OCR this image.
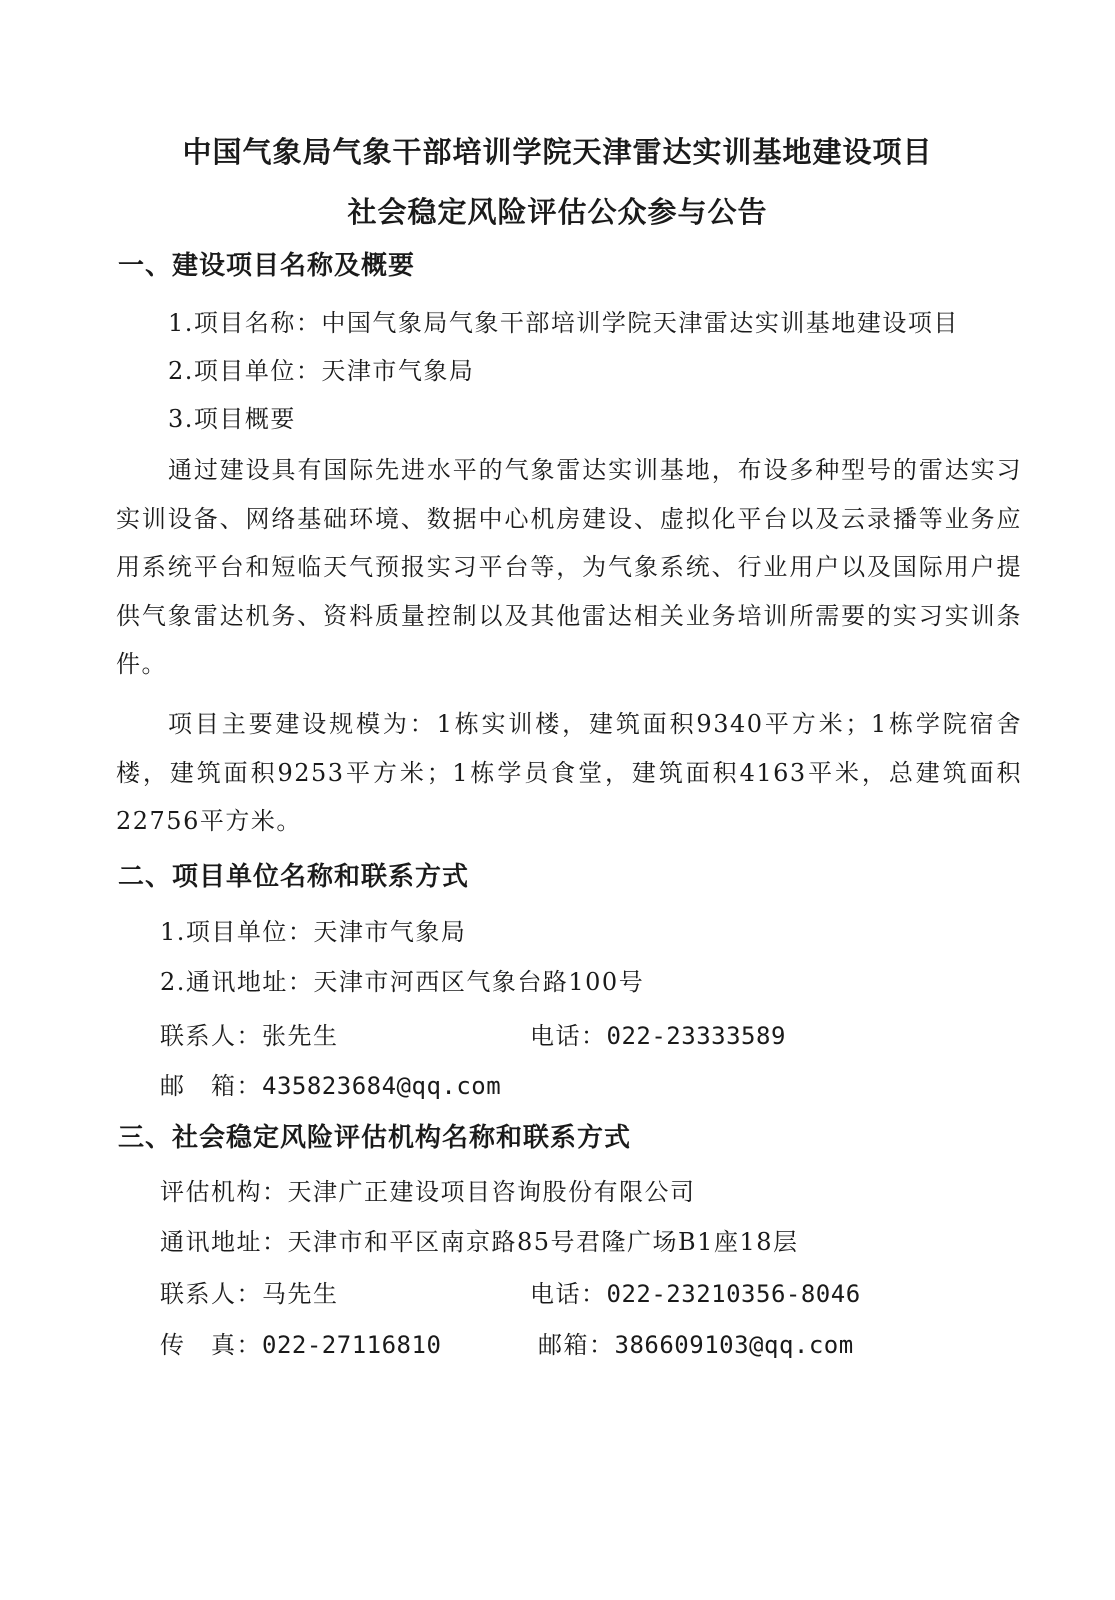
中国气象局气象干部培训学院天津雷达实训基地建设项目
社会稳定风险评估公众参与公告
一、建设项目名称及概要
1.项目名称：中国气象局气象干部培训学院天津雷达实训基地建设项目
2.项目单位：天津市气象局
3.项目概要

通过建设具有国际先进水平的气象雷达实训基地，布设多种型号的雷达实习实训设备、网络基础环境、数据中心机房建设、虚拟化平台以及云录播等业务应用系统平台和短临天气预报实习平台等，为气象系统、行业用户以及国际用户提供气象雷达机务、资料质量控制以及其他雷达相关业务培训所需要的实习实训条件。

项目主要建设规模为：1栋实训楼，建筑面积9340平方米；1栋学院宿舍楼，建筑面积9253平方米；1栋学员食堂，建筑面积4163平米，总建筑面积22756平方米。

二、项目单位名称和联系方式
1.项目单位：天津市气象局
2.通讯地址：天津市河西区气象台路100号
联系人：张先生	电话：022-23333589
邮　箱：435823684@qq.com
三、社会稳定风险评估机构名称和联系方式
评估机构：天津广正建设项目咨询股份有限公司
通讯地址：天津市和平区南京路85号君隆广场B1座18层
联系人：马先生	电话：022-23210356-8046
传　真：022-27116810	邮箱：386609103@qq.com
